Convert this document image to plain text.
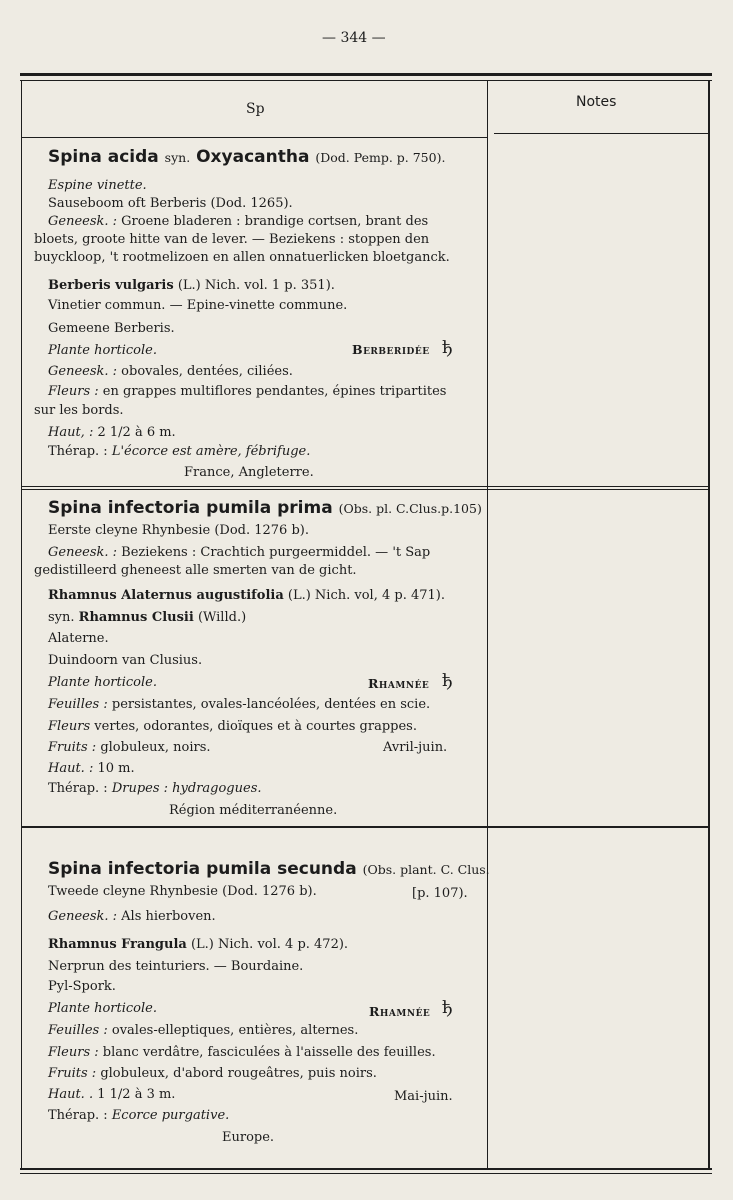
— 344 —
Sp	Notes
Spina acida syn. Oxyacantha (Dod. Pemp. p. 750).
Espine vinette.
Sauseboom oft Berberis (Dod. 1265).
Geneesk. : Groene bladeren : brandige cortsen, brant des
bloets, groote hitte van de lever. — Beziekens : stoppen den
buyckloop, 't rootmelizoen en allen onnatuerlicken bloetganck.
Berberis vulgaris (L.) Nich. vol. 1 p. 351).
Vinetier commun. — Epine-vinette commune.
Gemeene Berberis.
Plante horticole.	Berberidée ђ
Geneesk. : obovales, dentées, ciliées.
Fleurs : en grappes multiflores pendantes, épines tripartites
sur les bords.
Haut, : 2 1/2 à 6 m.
Thérap. : L'écorce est amère, fébrifuge.
France, Angleterre.
Spina infectoria pumila prima (Obs. pl. C.Clus.p.105)
Eerste cleyne Rhynbesie (Dod. 1276 b).
Geneesk. : Beziekens : Crachtich purgeermiddel. — 't Sap
gedistilleerd gheneest alle smerten van de gicht.
Rhamnus Alaternus augustifolia (L.) Nich. vol, 4 p. 471).
syn. Rhamnus Clusii (Willd.)
Alaterne.
Duindoorn van Clusius.
Plante horticole.	Rhamnée ђ
Feuilles : persistantes, ovales-lancéolées, dentées en scie.
Fleurs vertes, odorantes, dioïques et à courtes grappes.
Fruits : globuleux, noirs.	Avril-juin.
Haut. : 10 m.
Thérap. : Drupes : hydragogues.
Région méditerranéenne.
Spina infectoria pumila secunda (Obs. plant. C. Clus.
Tweede cleyne Rhynbesie (Dod. 1276 b).	[p. 107).
Geneesk. : Als hierboven.
Rhamnus Frangula (L.) Nich. vol. 4 p. 472).
Nerprun des teinturiers. — Bourdaine.
Pyl-Spork.
Plante horticole.	Rhamnée ђ
Feuilles : ovales-elleptiques, entières, alternes.
Fleurs : blanc verdâtre, fasciculées à l'aisselle des feuilles.
Fruits : globuleux, d'abord rougeâtres, puis noirs.
Haut. . 1 1/2 à 3 m.	Mai-juin.
Thérap. : Ecorce purgative.
Europe.
